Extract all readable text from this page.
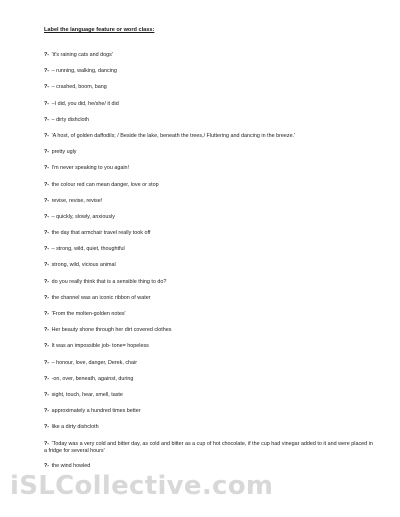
Label the language feature or word class:
?- 'it's raining cats and dogs'
?- – running, walking, dancing
?- – crashed, boom, bang
?- –I did, you did, he/she/ it did
?- – dirty dishcloth
?- 'A host, of golden daffodils; / Beside the lake, beneath the trees,/ Fluttering and dancing in the breeze.'
?- pretty ugly
?- I'm never speaking to you again!
?- the colour red can mean danger, love or stop
?- revise, revise, revise!
?- – quickly, slowly, anxiously
?- the day that armchair travel really took off
?- – strong, wild, quiet, thoughtful
?- strong, wild, vicious animal
?- do you really think that is a sensible thing to do?
?- the channel was an iconic ribbon of water
?- 'From the molten-golden notes'
?- Her beauty shone through her dirt covered clothes
?- It was an impossible job- tone= hopeless
?- – honour, love, danger, Derek, chair
?- -on, over, beneath, against, during
?- sight, touch, hear, smell, taste
?- approximately a hundred times better
?- like a dirty dishcloth
?- 'Today was a very cold and bitter day, as cold and bitter as a cup of hot chocolate, if the cup had vinegar added to it and were placed in a fridge for several hours'
?- the wind howled
iSLCollective.com
